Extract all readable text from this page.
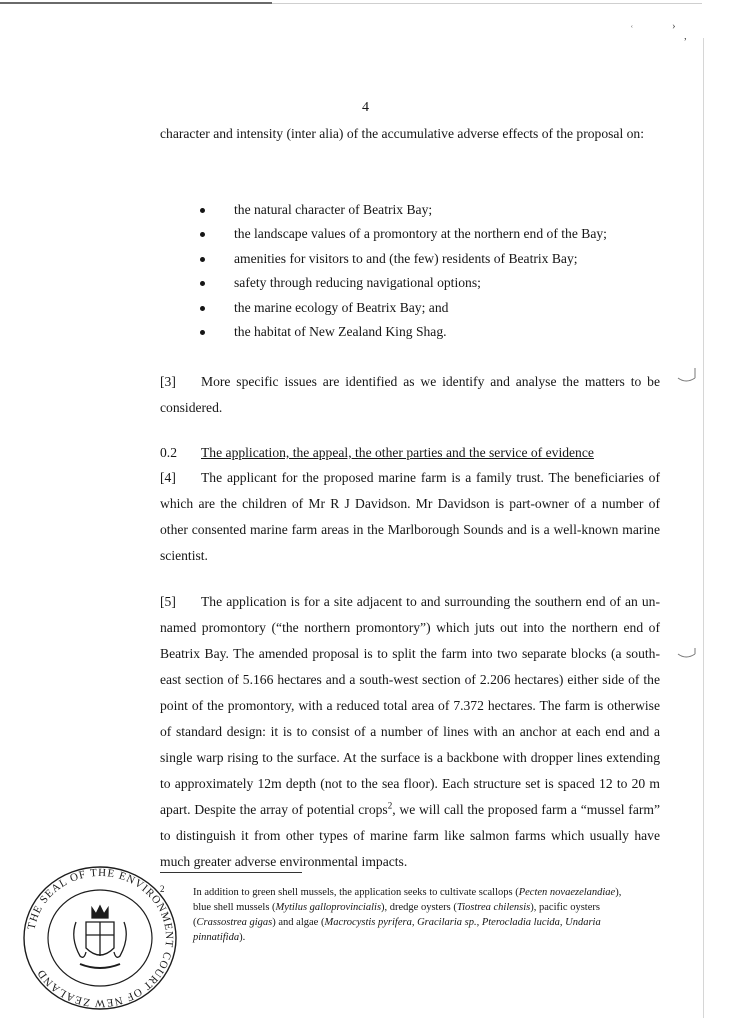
ʿ	›
,
4
character and intensity (inter alia) of the accumulative adverse effects of the proposal on:
the natural character of Beatrix Bay;
the landscape values of a promontory at the northern end of the Bay;
amenities for visitors to and (the few) residents of Beatrix Bay;
safety through reducing navigational options;
the marine ecology of Beatrix Bay; and
the habitat of New Zealand King Shag.
[3] More specific issues are identified as we identify and analyse the matters to be considered.
0.2 The application, the appeal, the other parties and the service of evidence
[4] The applicant for the proposed marine farm is a family trust. The beneficiaries of which are the children of Mr R J Davidson. Mr Davidson is part-owner of a number of other consented marine farm areas in the Marlborough Sounds and is a well-known marine scientist.
[5] The application is for a site adjacent to and surrounding the southern end of an un-named promontory (“the northern promontory”) which juts out into the northern end of Beatrix Bay. The amended proposal is to split the farm into two separate blocks (a south-east section of 5.166 hectares and a south-west section of 2.206 hectares) either side of the point of the promontory, with a reduced total area of 7.372 hectares. The farm is otherwise of standard design: it is to consist of a number of lines with an anchor at each end and a single warp rising to the surface. At the surface is a backbone with dropper lines extending to approximately 12m depth (not to the sea floor). Each structure set is spaced 12 to 20 m apart. Despite the array of potential crops$^2$, we will call the proposed farm a “mussel farm” to distinguish it from other types of marine farm like salmon farms which usually have much greater adverse environmental impacts.
2	In addition to green shell mussels, the application seeks to cultivate scallops (Pecten novaezelandiae), blue shell mussels (Mytilus galloprovincialis), dredge oysters (Tiostrea chilensis), pacific oysters (Crassostrea gigas) and algae (Macrocystis pyrifera, Gracilaria sp., Pterocladia lucida, Undaria pinnatifida).
THE SEAL OF THE ENVIRONMENT COURT OF NEW ZEALAND
